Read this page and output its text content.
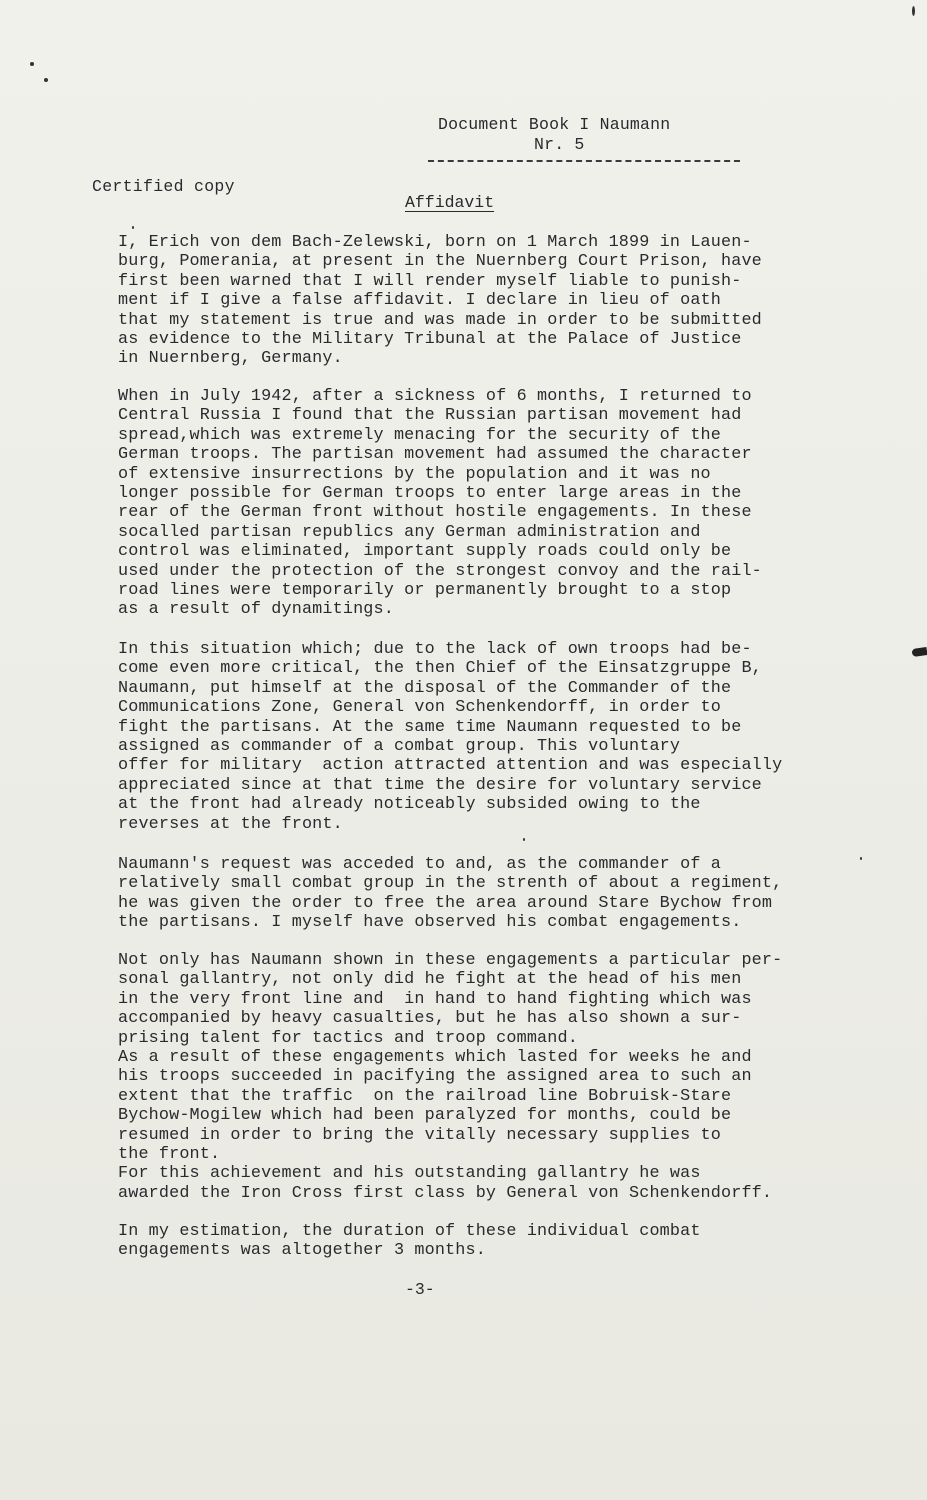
Document Book I Naumann
Nr. 5
Certified copy
Affidavit
I, Erich von dem Bach-Zelewski, born on 1 March 1899 in Lauen-
burg, Pomerania, at present in the Nuernberg Court Prison, have
first been warned that I will render myself liable to punish-
ment if I give a false affidavit. I declare in lieu of oath
that my statement is true and was made in order to be submitted
as evidence to the Military Tribunal at the Palace of Justice
in Nuernberg, Germany.
When in July 1942, after a sickness of 6 months, I returned to
Central Russia I found that the Russian partisan movement had
spread,which was extremely menacing for the security of the
German troops. The partisan movement had assumed the character
of extensive insurrections by the population and it was no
longer possible for German troops to enter large areas in the
rear of the German front without hostile engagements. In these
socalled partisan republics any German administration and
control was eliminated, important supply roads could only be
used under the protection of the strongest convoy and the rail-
road lines were temporarily or permanently brought to a stop
as a result of dynamitings.
In this situation which; due to the lack of own troops had be-
come even more critical, the then Chief of the Einsatzgruppe B,
Naumann, put himself at the disposal of the Commander of the
Communications Zone, General von Schenkendorff, in order to
fight the partisans. At the same time Naumann requested to be
assigned as commander of a combat group. This voluntary
offer for military  action attracted attention and was especially
appreciated since at that time the desire for voluntary service
at the front had already noticeably subsided owing to the
reverses at the front.
Naumann's request was acceded to and, as the commander of a
relatively small combat group in the strenth of about a regiment,
he was given the order to free the area around Stare Bychow from
the partisans. I myself have observed his combat engagements.
Not only has Naumann shown in these engagements a particular per-
sonal gallantry, not only did he fight at the head of his men
in the very front line and  in hand to hand fighting which was
accompanied by heavy casualties, but he has also shown a sur-
prising talent for tactics and troop command.
As a result of these engagements which lasted for weeks he and
his troops succeeded in pacifying the assigned area to such an
extent that the traffic  on the railroad line Bobruisk-Stare
Bychow-Mogilew which had been paralyzed for months, could be
resumed in order to bring the vitally necessary supplies to
the front.
For this achievement and his outstanding gallantry he was
awarded the Iron Cross first class by General von Schenkendorff.
In my estimation, the duration of these individual combat
engagements was altogether 3 months.
-3-
